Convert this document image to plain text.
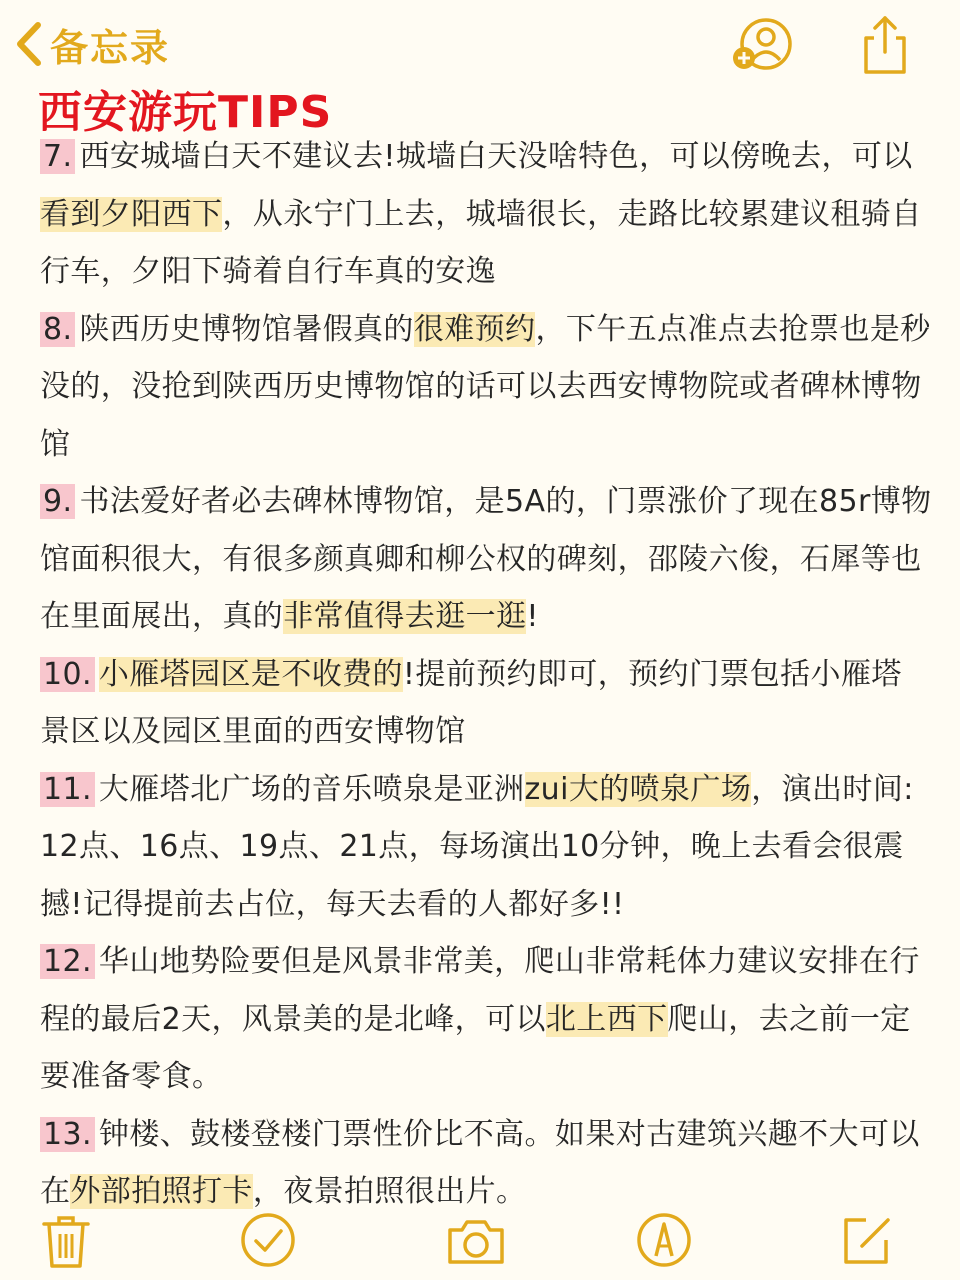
备忘录
西安游玩TIPS

7. 西安城墙白天不建议去!城墙白天没啥特色，可以傍晚去，可以看到夕阳西下，从永宁门上去，城墙很长，走路比较累建议租骑自行车，夕阳下骑着自行车真的安逸

8. 陕西历史博物馆暑假真的很难预约，下午五点准点去抢票也是秒没的，没抢到陕西历史博物馆的话可以去西安博物院或者碑林博物馆

9. 书法爱好者必去碑林博物馆，是5A的，门票涨价了现在85r博物馆面积很大，有很多颜真卿和柳公权的碑刻，邵陵六俊，石犀等也在里面展出，真的非常值得去逛一逛!

10. 小雁塔园区是不收费的!提前预约即可，预约门票包括小雁塔景区以及园区里面的西安博物馆

11. 大雁塔北广场的音乐喷泉是亚洲zui大的喷泉广场，演出时间:12点、16点、19点、21点，每场演出10分钟，晚上去看会很震撼!记得提前去占位，每天去看的人都好多!!

12. 华山地势险要但是风景非常美，爬山非常耗体力建议安排在行程的最后2天，风景美的是北峰，可以北上西下爬山，去之前一定要准备零食。

13. 钟楼、鼓楼登楼门票性价比不高。如果对古建筑兴趣不大可以在外部拍照打卡，夜景拍照很出片。
